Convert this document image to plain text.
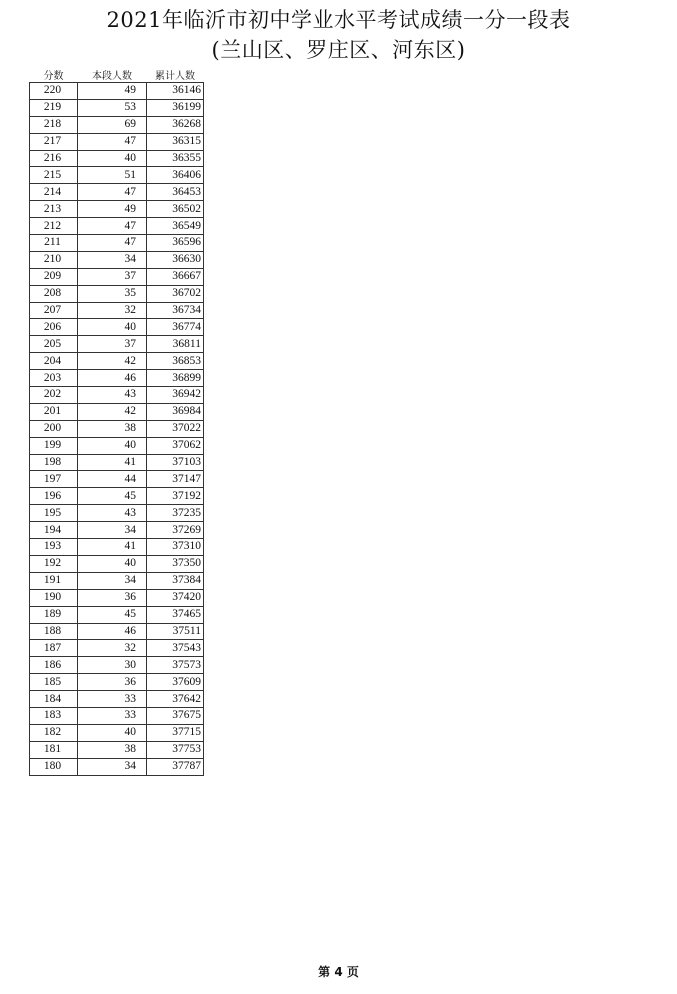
2021年临沂市初中学业水平考试成绩一分一段表
(兰山区、罗庄区、河东区)
分数	本段人数	累计人数
220	49	36146
219	53	36199
218	69	36268
217	47	36315
216	40	36355
215	51	36406
214	47	36453
213	49	36502
212	47	36549
211	47	36596
210	34	36630
209	37	36667
208	35	36702
207	32	36734
206	40	36774
205	37	36811
204	42	36853
203	46	36899
202	43	36942
201	42	36984
200	38	37022
199	40	37062
198	41	37103
197	44	37147
196	45	37192
195	43	37235
194	34	37269
193	41	37310
192	40	37350
191	34	37384
190	36	37420
189	45	37465
188	46	37511
187	32	37543
186	30	37573
185	36	37609
184	33	37642
183	33	37675
182	40	37715
181	38	37753
180	34	37787
第 4 页
